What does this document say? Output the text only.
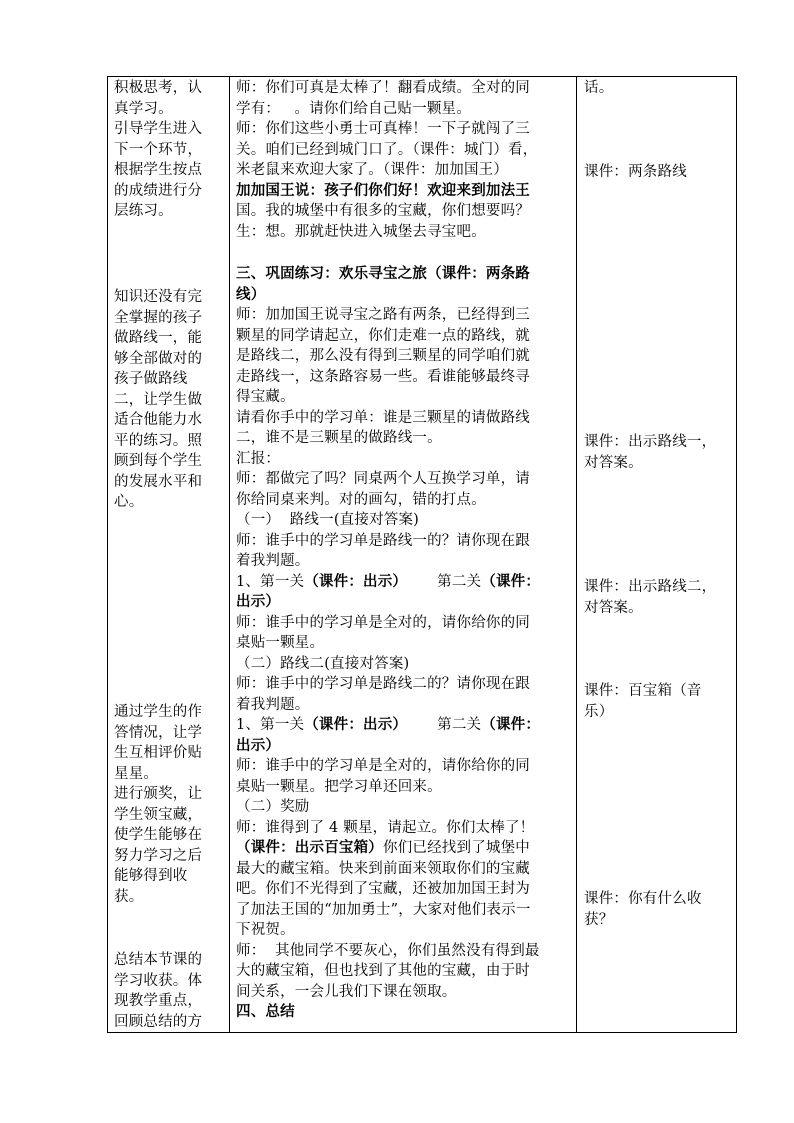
积极思考，认
真学习。
引导学生进入
下一个环节，
根据学生按点
的成绩进行分
层练习。

知识还没有完
全掌握的孩子
做路线一，能
够全部做对的
孩子做路线
二，让学生做
适合他能力水
平的练习。照
顾到每个学生
的发展水平和
心。

通过学生的作
答情况，让学
生互相评价贴
星星。
进行颁奖，让
学生领宝藏，
使学生能够在
努力学习之后
能够得到收
获。

总结本节课的
学习收获。体
现教学重点，
回顾总结的方

师：你们可真是太棒了！翻看成绩。全对的同

学有：   。请你们给自己贴一颗星。

师：你们这些小勇士可真棒！一下子就闯了三

关。咱们已经到城门口了。（课件：城门）看，

米老鼠来欢迎大家了。（课件：加加国王）

加加国王说：孩子们你们好！欢迎来到加法王

国。我的城堡中有很多的宝藏，你们想要吗？

生：想。那就赶快进入城堡去寻宝吧。

三、巩固练习：欢乐寻宝之旅（课件：两条路

线）

师：加加国王说寻宝之路有两条，已经得到三

颗星的同学请起立，你们走难一点的路线，就

是路线二，那么没有得到三颗星的同学咱们就

走路线一，这条路容易一些。看谁能够最终寻

得宝藏。

请看你手中的学习单：谁是三颗星的请做路线

二，谁不是三颗星的做路线一。

汇报：

师：都做完了吗？同桌两个人互换学习单，请

你给同桌来判。对的画勾，错的打点。

（一）  路线一(直接对答案)

师：谁手中的学习单是路线一的？请你现在跟

着我判题。

1、第一关（课件：出示） 第二关（课件：

出示）

师：谁手中的学习单是全对的，请你给你的同

桌贴一颗星。

（二）路线二(直接对答案)

师：谁手中的学习单是路线二的？请你现在跟

着我判题。

1、第一关（课件：出示） 第二关（课件：

出示）

师：谁手中的学习单是全对的，请你给你的同

桌贴一颗星。把学习单还回来。

（二）奖励

师：谁得到了 4 颗星，请起立。你们太棒了！

（课件：出示百宝箱）你们已经找到了城堡中

最大的藏宝箱。快来到前面来领取你们的宝藏

吧。你们不光得到了宝藏，还被加加国王封为

了加法王国的“加加勇士”，大家对他们表示一

下祝贺。

师：  其他同学不要灰心，你们虽然没有得到最

大的藏宝箱，但也找到了其他的宝藏，由于时

间关系，一会儿我们下课在领取。

四、总结

话。

课件：两条路线

课件：出示路线一，
对答案。

课件：出示路线二，
对答案。

课件：百宝箱（音
乐）

课件：你有什么收
获？
